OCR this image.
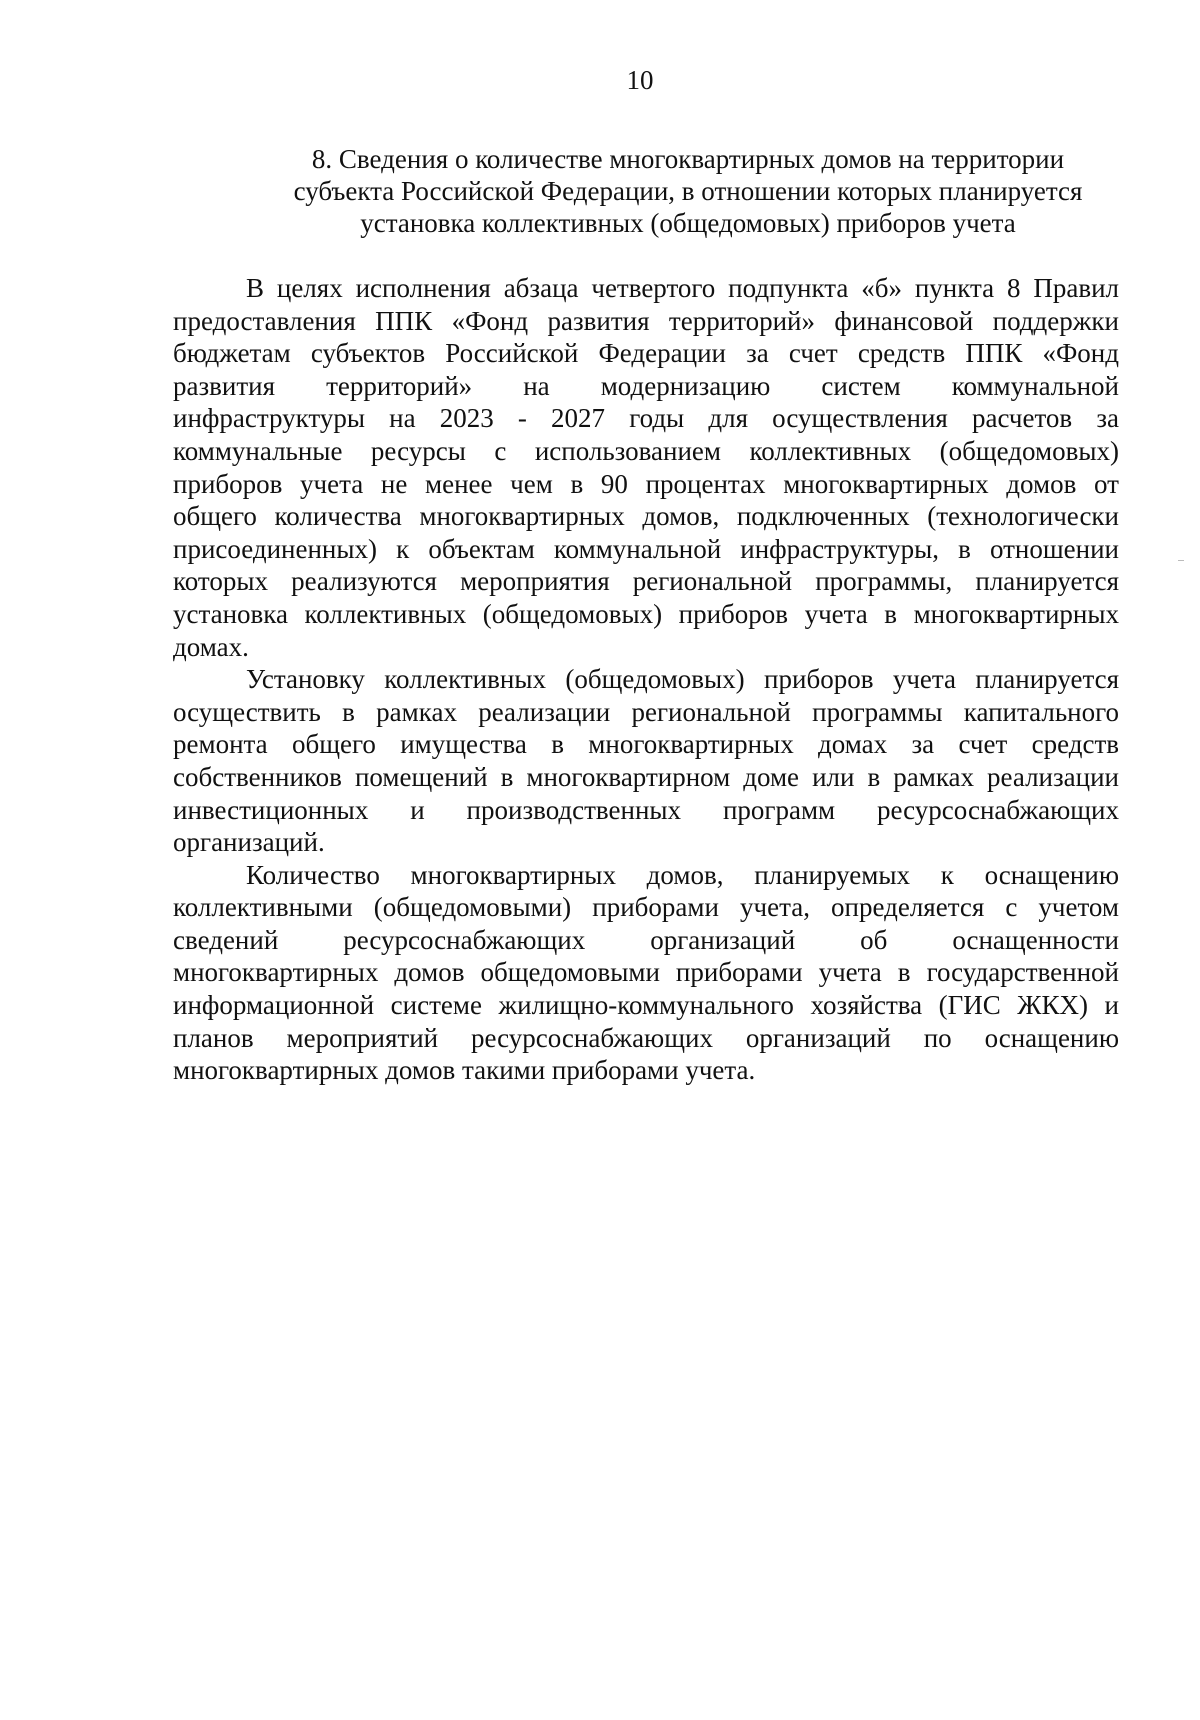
10
8. Сведения о количестве многоквартирных домов на территории
субъекта Российской Федерации, в отношении которых планируется
установка коллективных (общедомовых) приборов учета

В целях исполнения абзаца четвертого подпункта «б» пункта 8 Правил
предоставления ППК «Фонд развития территорий» финансовой поддержки
бюджетам субъектов Российской Федерации за счет средств ППК «Фонд
развития территорий» на модернизацию систем коммунальной
инфраструктуры на 2023 - 2027 годы для осуществления расчетов за
коммунальные ресурсы с использованием коллективных (общедомовых)
приборов учета не менее чем в 90 процентах многоквартирных домов от
общего количества многоквартирных домов, подключенных (технологически
присоединенных) к объектам коммунальной инфраструктуры, в отношении
которых реализуются мероприятия региональной программы, планируется
установка коллективных (общедомовых) приборов учета в многоквартирных
домах.

Установку коллективных (общедомовых) приборов учета планируется
осуществить в рамках реализации региональной программы капитального
ремонта общего имущества в многоквартирных домах за счет средств
собственников помещений в многоквартирном доме или в рамках реализации
инвестиционных и производственных программ ресурсоснабжающих
организаций.

Количество многоквартирных домов, планируемых к оснащению
коллективными (общедомовыми) приборами учета, определяется с учетом
сведений ресурсоснабжающих организаций об оснащенности
многоквартирных домов общедомовыми приборами учета в государственной
информационной системе жилищно-коммунального хозяйства (ГИС ЖКХ) и
планов мероприятий ресурсоснабжающих организаций по оснащению
многоквартирных домов такими приборами учета.
